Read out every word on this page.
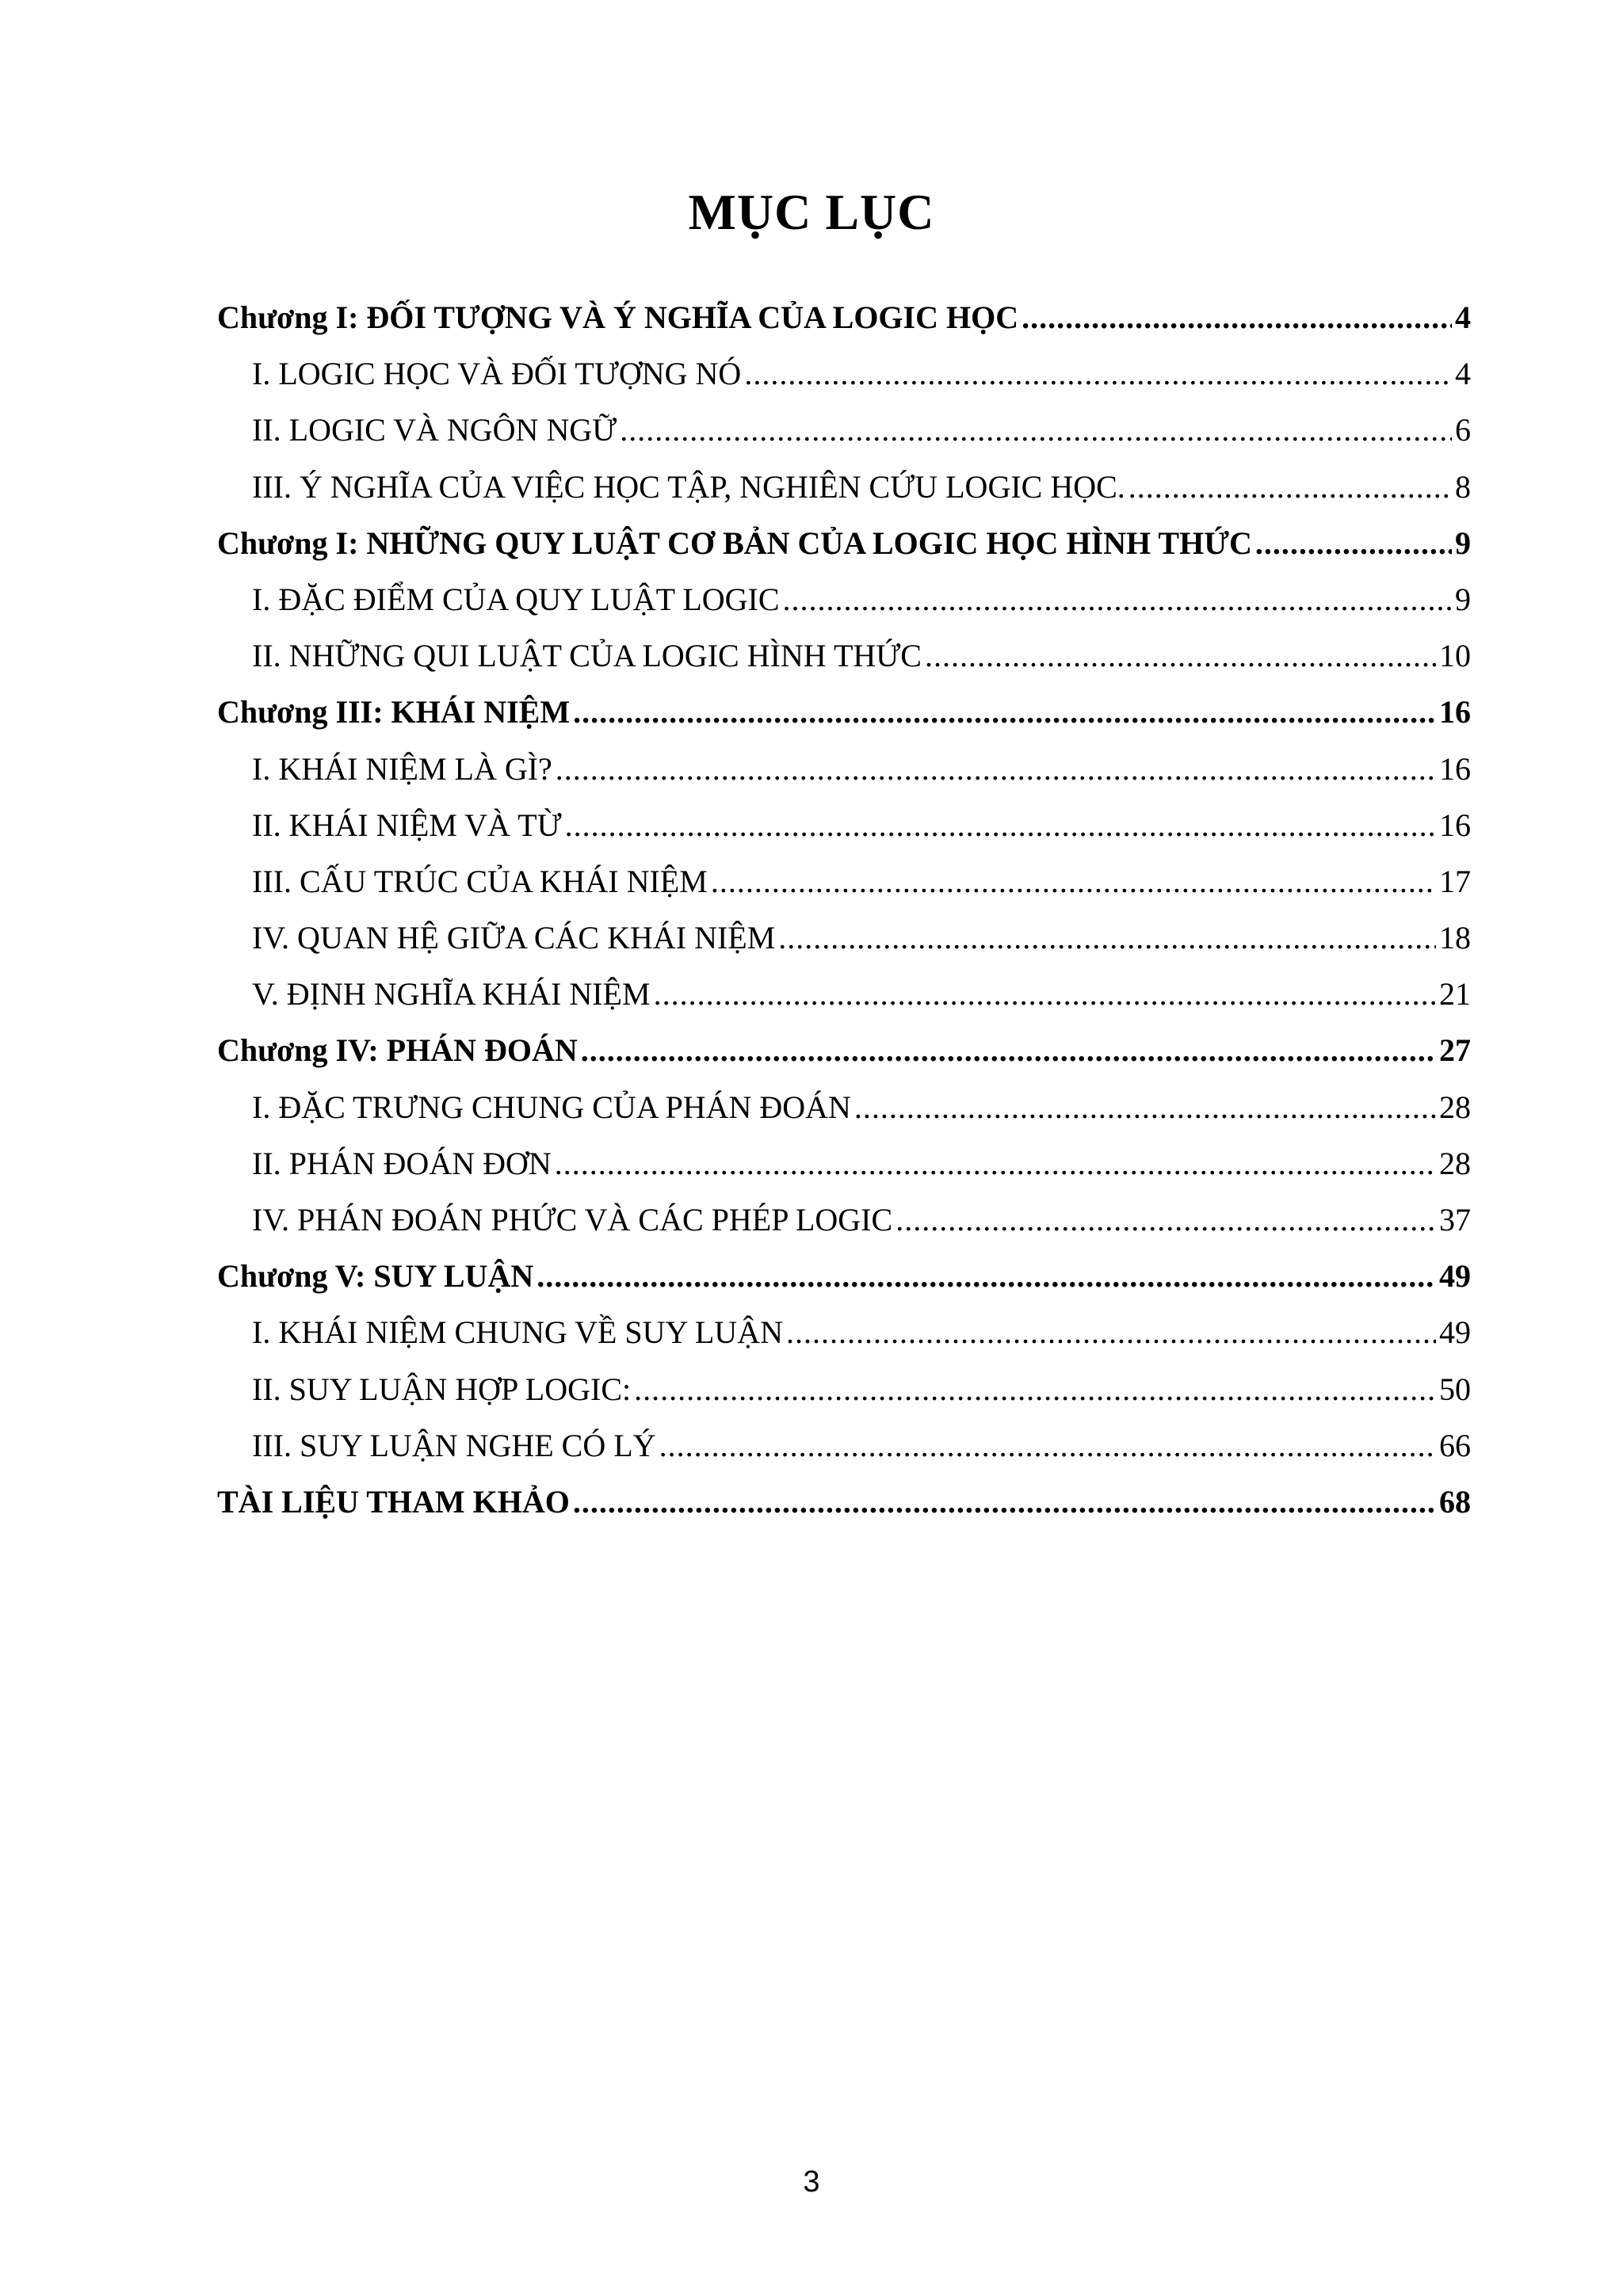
MỤC LỤC
Chương I: ĐỐI TƯỢNG VÀ Ý NGHĨA CỦA LOGIC HỌC .....	4
I. LOGIC HỌC VÀ ĐỐI TƯỢNG NÓ .....	4
II. LOGIC VÀ NGÔN NGỮ .....	6
III. Ý NGHĨA CỦA VIỆC HỌC TẬP, NGHIÊN CỨU LOGIC HỌC. .....	8
Chương I: NHỮNG QUY LUẬT CƠ BẢN CỦA LOGIC HỌC HÌNH THỨC .....	9
I. ĐẶC ĐIỂM CỦA QUY LUẬT LOGIC .....	9
II. NHỮNG QUI LUẬT CỦA LOGIC HÌNH THỨC .....	10
Chương III: KHÁI NIỆM .....	16
I. KHÁI NIỆM LÀ GÌ? .....	16
II. KHÁI NIỆM VÀ TỪ .....	16
III. CẤU TRÚC CỦA KHÁI NIỆM .....	17
IV. QUAN HỆ GIỮA CÁC KHÁI NIỆM .....	18
V. ĐỊNH NGHĨA KHÁI NIỆM .....	21
Chương IV: PHÁN ĐOÁN .....	27
I. ĐẶC TRƯNG CHUNG CỦA PHÁN ĐOÁN .....	28
II. PHÁN ĐOÁN ĐƠN .....	28
IV. PHÁN ĐOÁN PHỨC VÀ CÁC PHÉP LOGIC .....	37
Chương V: SUY LUẬN .....	49
I. KHÁI NIỆM CHUNG VỀ SUY LUẬN .....	49
II. SUY LUẬN HỢP LOGIC: .....	50
III. SUY LUẬN NGHE CÓ LÝ .....	66
TÀI LIỆU THAM KHẢO .....	68
3
